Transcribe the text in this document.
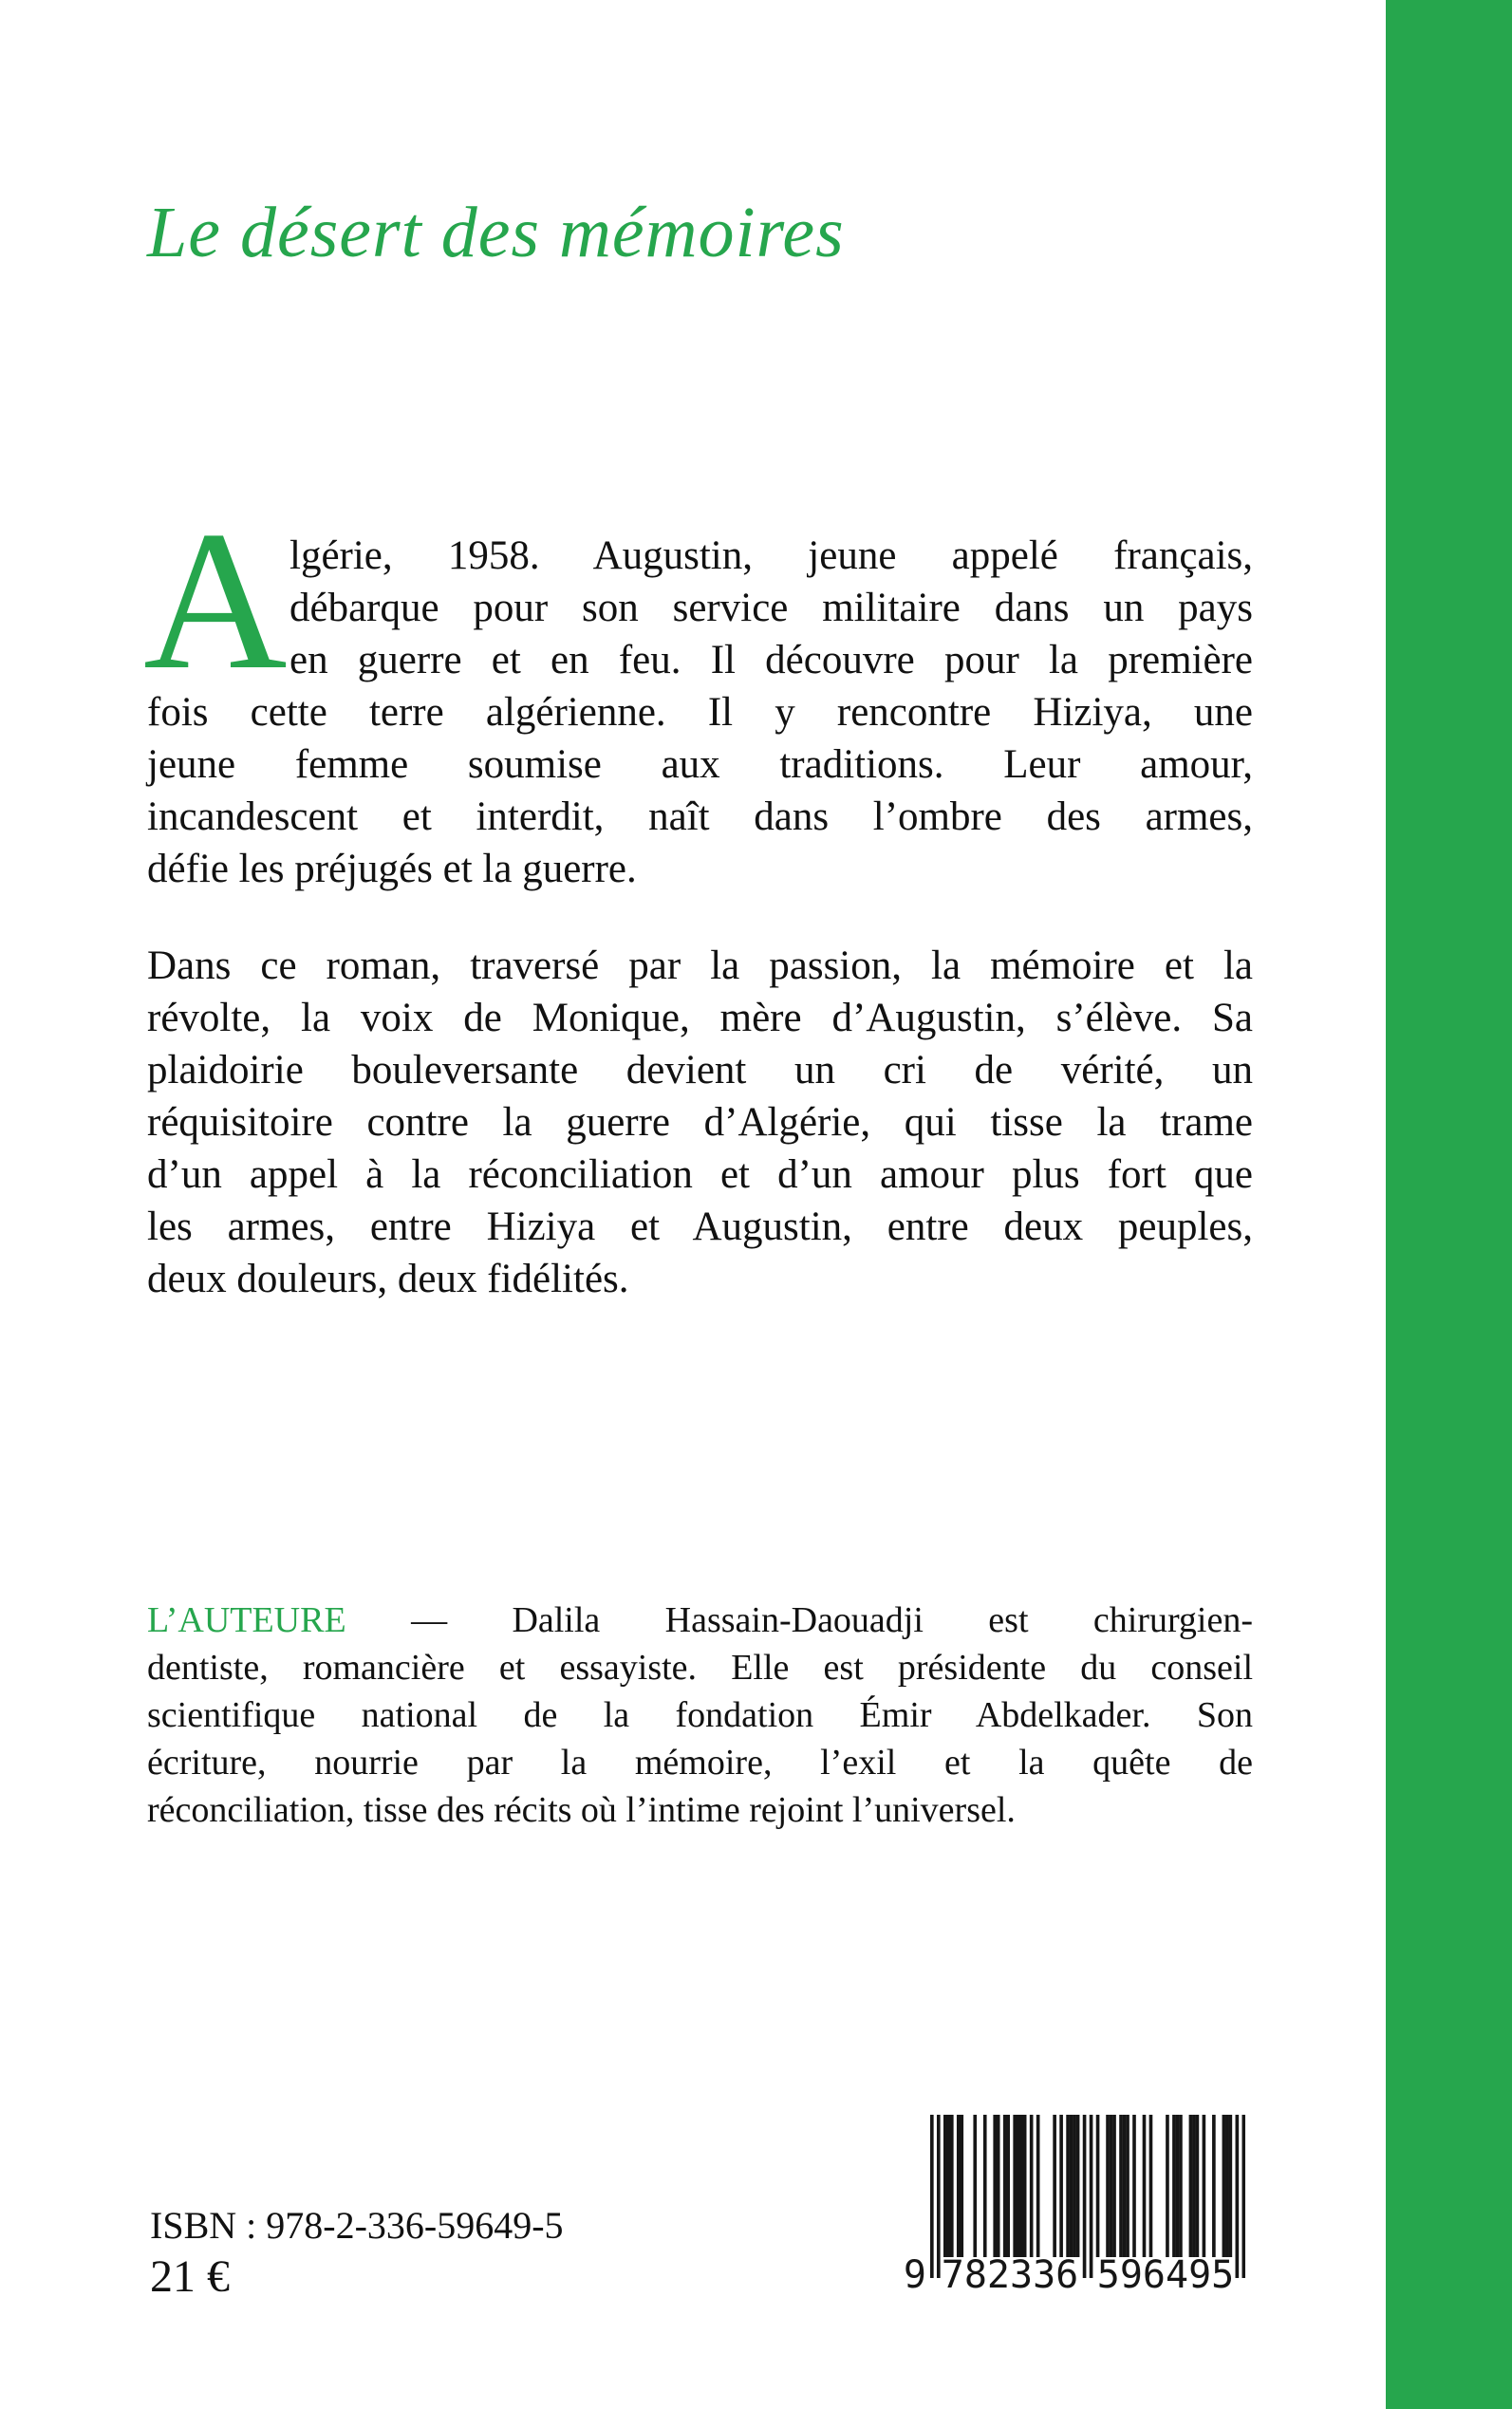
Le désert des mémoires
A lgérie, 1958. Augustin, jeune appelé français,
débarque pour son service militaire dans un pays
en guerre et en feu. Il découvre pour la première
fois cette terre algérienne. Il y rencontre Hiziya, une
jeune femme soumise aux traditions. Leur amour,
incandescent et interdit, naît dans l’ombre des armes,
défie les préjugés et la guerre.
Dans ce roman, traversé par la passion, la mémoire et la
révolte, la voix de Monique, mère d’Augustin, s’élève. Sa
plaidoirie bouleversante devient un cri de vérité, un
réquisitoire contre la guerre d’Algérie, qui tisse la trame
d’un appel à la réconciliation et d’un amour plus fort que
les armes, entre Hiziya et Augustin, entre deux peuples,
deux douleurs, deux fidélités.
L’AUTEURE — Dalila Hassain-Daouadji est chirurgien-
dentiste, romancière et essayiste. Elle est présidente du conseil
scientifique national de la fondation Émir Abdelkader. Son
écriture, nourrie par la mémoire, l’exil et la quête de
réconciliation, tisse des récits où l’intime rejoint l’universel.
ISBN : 978-2-336-59649-5
21 €	9 782336 596495
